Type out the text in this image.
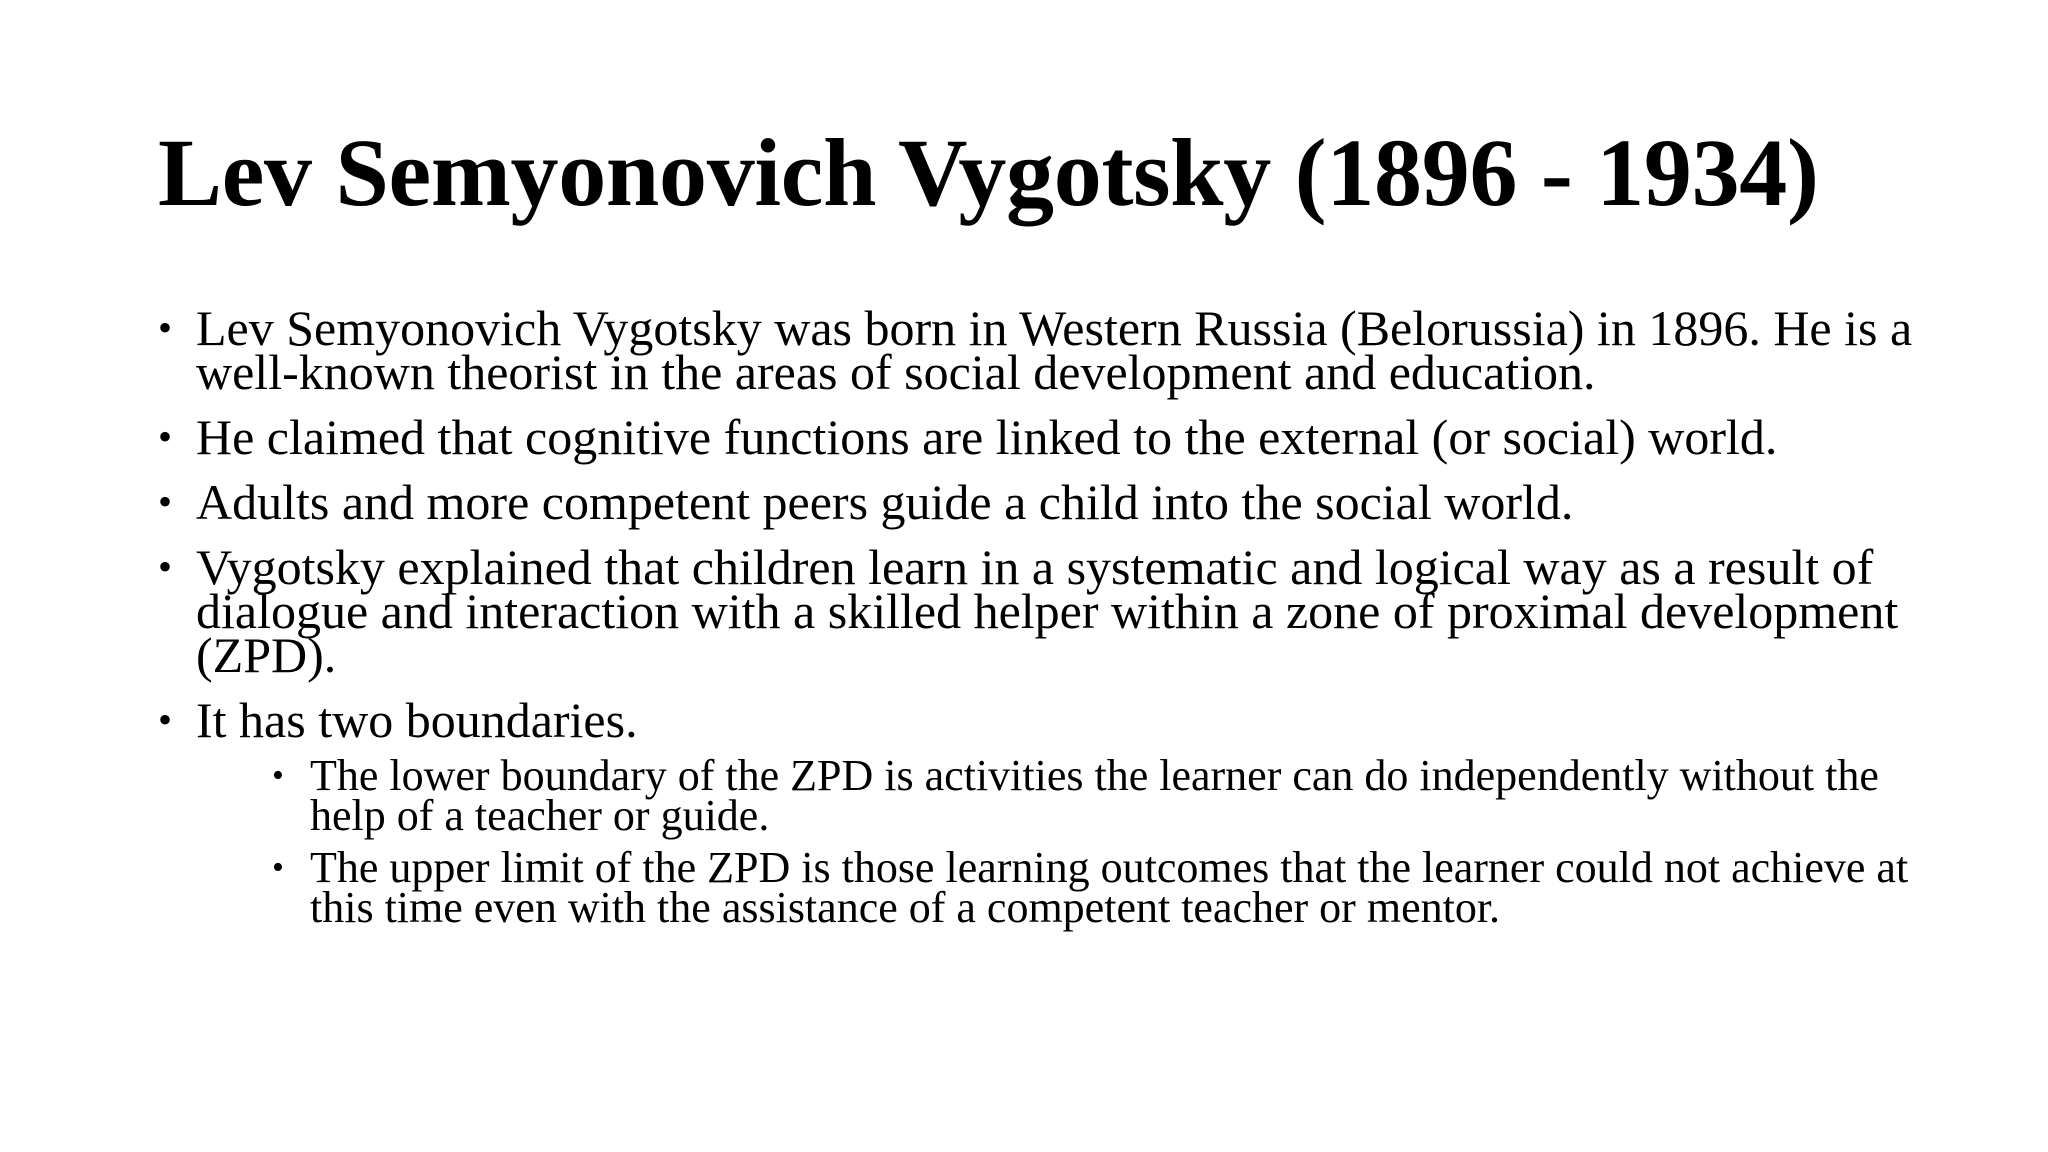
Lev Semyonovich Vygotsky (1896 - 1934)
• Lev Semyonovich Vygotsky was born in Western Russia (Belorussia) in 1896. He is a well-known theorist in the areas of social development and education.
• He claimed that cognitive functions are linked to the external (or social) world.
• Adults and more competent peers guide a child into the social world.
• Vygotsky explained that children learn in a systematic and logical way as a result of dialogue and interaction with a skilled helper within a zone of proximal development (ZPD).
• It has two boundaries.
• The lower boundary of the ZPD is activities the learner can do independently without the help of a teacher or guide.
• The upper limit of the ZPD is those learning outcomes that the learner could not achieve at this time even with the assistance of a competent teacher or mentor.
